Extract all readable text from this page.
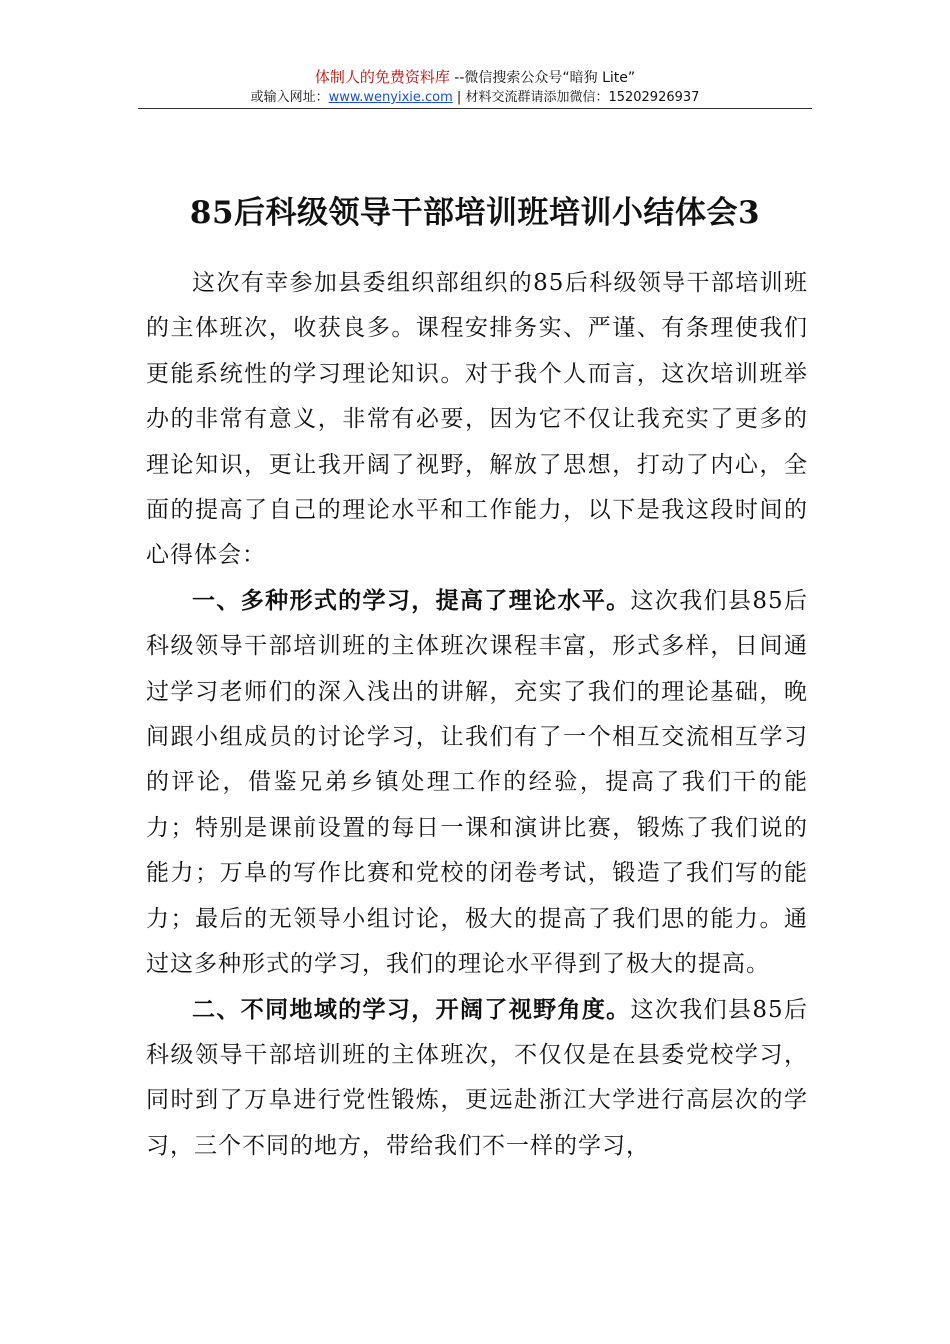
体制人的免费资料库 --微信搜索公众号“暗狗 Lite”
或输入网址：www.wenyixie.com | 材料交流群请添加微信：15202926937
85后科级领导干部培训班培训小结体会3

这次有幸参加县委组织部组织的85后科级领导干部培训班的主体班次，收获良多。课程安排务实、严谨、有条理使我们更能系统性的学习理论知识。对于我个人而言，这次培训班举办的非常有意义，非常有必要，因为它不仅让我充实了更多的理论知识，更让我开阔了视野，解放了思想，打动了内心，全面的提高了自己的理论水平和工作能力，以下是我这段时间的心得体会：

一、多种形式的学习，提高了理论水平。这次我们县85后科级领导干部培训班的主体班次课程丰富，形式多样，日间通过学习老师们的深入浅出的讲解，充实了我们的理论基础，晚间跟小组成员的讨论学习，让我们有了一个相互交流相互学习的评论，借鉴兄弟乡镇处理工作的经验，提高了我们干的能力；特别是课前设置的每日一课和演讲比赛，锻炼了我们说的能力；万阜的写作比赛和党校的闭卷考试，锻造了我们写的能力；最后的无领导小组讨论，极大的提高了我们思的能力。通过这多种形式的学习，我们的理论水平得到了极大的提高。

二、不同地域的学习，开阔了视野角度。这次我们县85后科级领导干部培训班的主体班次，不仅仅是在县委党校学习，同时到了万阜进行党性锻炼，更远赴浙江大学进行高层次的学习，三个不同的地方，带给我们不一样的学习，
